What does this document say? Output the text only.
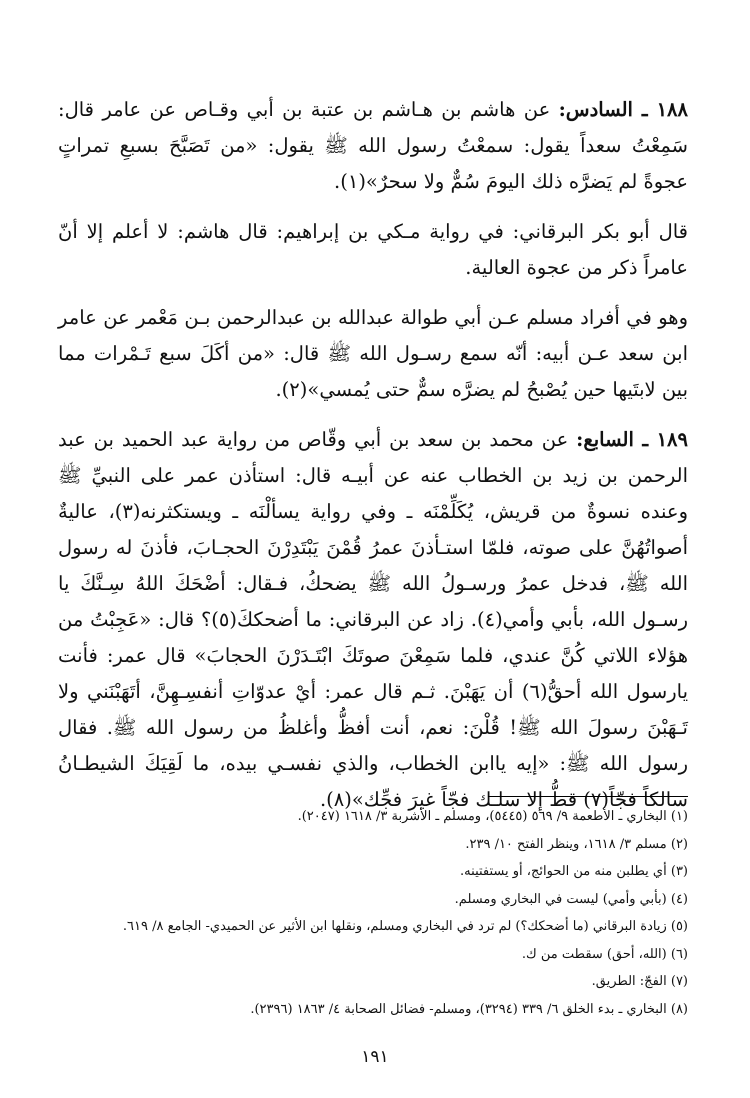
١٨٨ ـ السادس: عن هاشم بن هـاشم بن عتبة بن أبي وقـاص عن عامر قال: سَمِعْتُ سعداً يقول: سمعْتُ رسول الله ﷺ يقول: «من تَصَبَّحَ بسبعِ تمراتٍ عجوةً لم يَضرَّه ذلك اليومَ سُمٌّ ولا سحرٌ»(١).

قال أبو بكر البرقاني: في رواية مـكي بن إبراهيم: قال هاشم: لا أعلم إلا أنّ عامراً ذكر من عجوة العالية.

وهو في أفراد مسلم عـن أبي طوالة عبدالله بن عبدالرحمن بـن مَعْمر عن عامر ابن سعد عـن أبيه: أنّه سمع رسـول الله ﷺ قال: «من أكَلَ سبع تَـمْرات مما بين لابتَيها حين يُصْبحُ لم يضرَّه سمٌّ حتى يُمسي»(٢).

١٨٩ ـ السابع: عن محمد بن سعد بن أبي وقّاص من رواية عبد الحميد بن عبد الرحمن بن زيد بن الخطاب عنه عن أبيـه قال: استأذن عمر على النبيِّ ﷺ وعنده نسوةٌ من قريش، يُكَلِّمْنَه ـ وفي رواية يسألْنَه ـ ويستكثرنه(٣)، عاليةٌ أصواتُهُنَّ على صوته، فلمّا استـأذنَ عمرُ قُمْنَ يَبْتَدِرْنَ الحجـابَ، فأذنَ له رسول الله ﷺ، فدخل عمرُ ورسـولُ الله ﷺ يضحكُ، فـقال: أضْحَكَ اللهُ سِـنَّكَ يا رسـول الله، بأبي وأمي(٤). زاد عن البرقاني: ما أضحككَ(٥)؟ قال: «عَجِبْتُ من هؤلاء اللاتي كُنَّ عندي، فلما سَمِعْنَ صوتَكَ ابْتَـدَرْنَ الحجابَ» قال عمر: فأنت يارسول الله أحقُّ(٦) أن يَهَبْنَ. ثـم قال عمر: أيْ عدوّاتِ أنفسِـهِنَّ، أتَهَبْنَني ولا تَـهَبْنَ رسولَ الله ﷺ! قُلْنَ: نعم، أنت أفظُّ وأغلظُ من رسول الله ﷺ. فقال رسول الله ﷺ: «إيه ياابن الخطاب، والذي نفسـي بيده، ما لَقِيَكَ الشيطـانُ سالكاً فجّاً(٧) قطُّ إلا سلـك فجّاً غيرَ فجِّك»(٨).

(١) البخاري ـ الأطعمة ٩/ ٥٦٩ (٥٤٤٥)، ومسلم ـ الأشربة ٣/ ١٦١٨ (٢٠٤٧).

(٢) مسلم ٣/ ١٦١٨، وينظر الفتح ١٠/ ٢٣٩.

(٣) أي يطلبن منه من الحوائج، أو يستفتينه.

(٤) (بأبي وأمي) ليست في البخاري ومسلم.

(٥) زيادة البرقاني (ما أضحكك؟) لم ترد في البخاري ومسلم، ونقلها ابن الأثير عن الحميدي- الجامع ٨/ ٦١٩.

(٦) (الله، أحق) سقطت من ك.

(٧) الفجّ: الطريق.

(٨) البخاري ـ بدء الخلق ٦/ ٣٣٩ (٣٢٩٤)، ومسلم- فضائل الصحابة ٤/ ١٨٦٣ (٢٣٩٦).

١٩١
